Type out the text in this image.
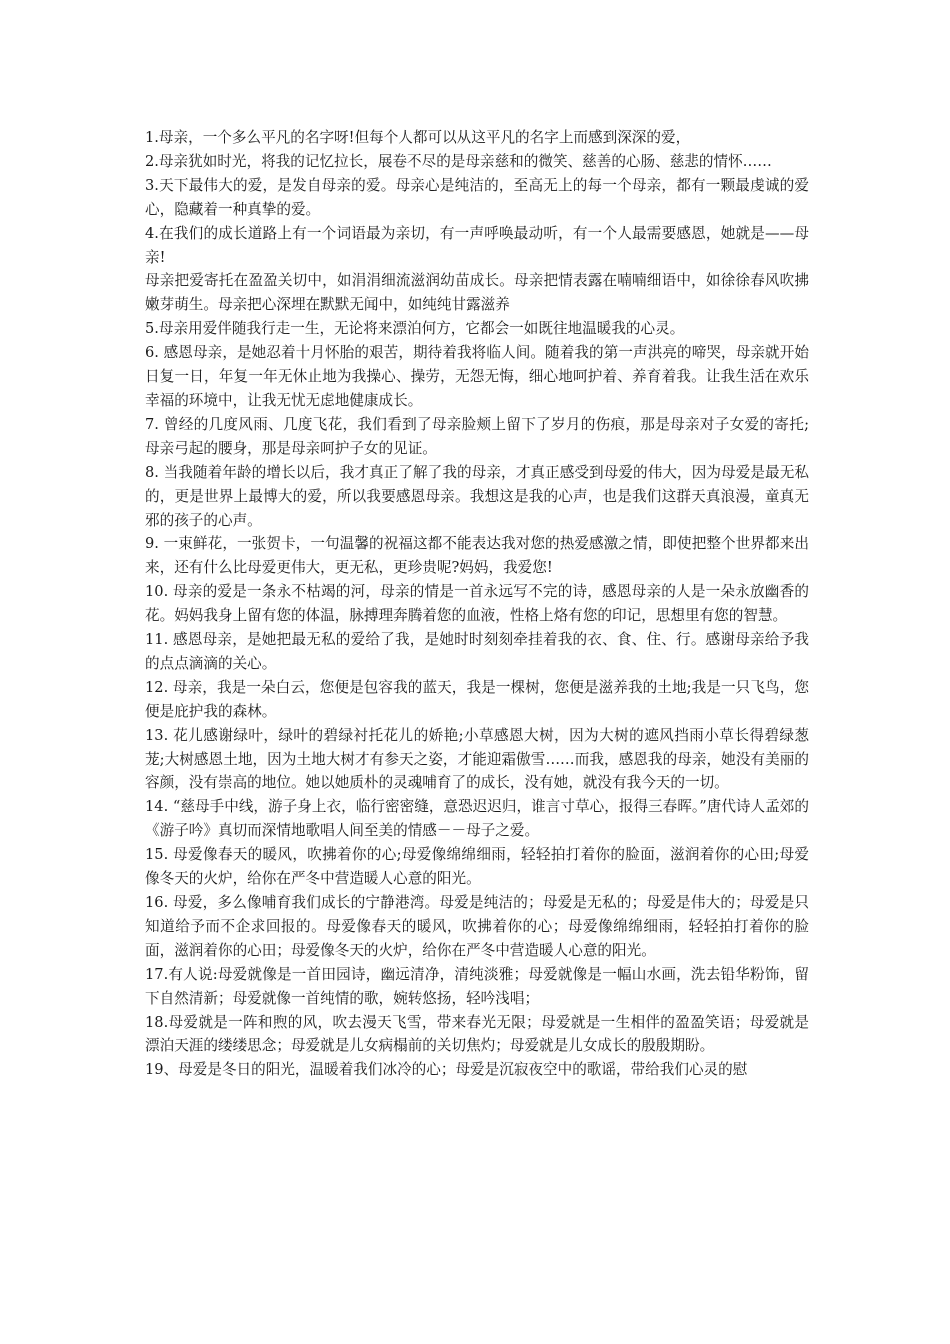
1.母亲，一个多么平凡的名字呀!但每个人都可以从这平凡的名字上而感到深深的爱，

2.母亲犹如时光，将我的记忆拉长，展卷不尽的是母亲慈和的微笑、慈善的心肠、慈悲的情怀……

3.天下最伟大的爱，是发自母亲的爱。母亲心是纯洁的，至高无上的每一个母亲，都有一颗最虔诚的爱心，隐藏着一种真挚的爱。

4.在我们的成长道路上有一个词语最为亲切，有一声呼唤最动听，有一个人最需要感恩，她就是——母亲!

母亲把爱寄托在盈盈关切中，如涓涓细流滋润幼苗成长。母亲把情表露在喃喃细语中，如徐徐春风吹拂嫩芽萌生。母亲把心深埋在默默无闻中，如纯纯甘露滋养

5.母亲用爱伴随我行走一生，无论将来漂泊何方，它都会一如既往地温暖我的心灵。

6. 感恩母亲，是她忍着十月怀胎的艰苦，期待着我将临人间。随着我的第一声洪亮的啼哭，母亲就开始日复一日，年复一年无休止地为我操心、操劳，无怨无悔，细心地呵护着、养育着我。让我生活在欢乐幸福的环境中，让我无忧无虑地健康成长。

7. 曾经的几度风雨、几度飞花，我们看到了母亲脸颊上留下了岁月的伤痕，那是母亲对子女爱的寄托;母亲弓起的腰身，那是母亲呵护子女的见证。

8. 当我随着年龄的增长以后，我才真正了解了我的母亲，才真正感受到母爱的伟大，因为母爱是最无私的，更是世界上最博大的爱，所以我要感恩母亲。我想这是我的心声，也是我们这群天真浪漫，童真无邪的孩子的心声。

9. 一束鲜花，一张贺卡，一句温馨的祝福这都不能表达我对您的热爱感激之情，即使把整个世界都来出来，还有什么比母爱更伟大，更无私，更珍贵呢?妈妈，我爱您!

10. 母亲的爱是一条永不枯竭的河，母亲的情是一首永远写不完的诗，感恩母亲的人是一朵永放幽香的花。妈妈我身上留有您的体温，脉搏理奔腾着您的血液，性格上烙有您的印记，思想里有您的智慧。

11. 感恩母亲，是她把最无私的爱给了我，是她时时刻刻牵挂着我的衣、食、住、行。感谢母亲给予我的点点滴滴的关心。

12. 母亲，我是一朵白云，您便是包容我的蓝天，我是一棵树，您便是滋养我的土地;我是一只飞鸟，您便是庇护我的森林。

13. 花儿感谢绿叶，绿叶的碧绿衬托花儿的娇艳;小草感恩大树，因为大树的遮风挡雨小草长得碧绿葱茏;大树感恩土地，因为土地大树才有参天之姿，才能迎霜傲雪……而我，感恩我的母亲，她没有美丽的容颜，没有崇高的地位。她以她质朴的灵魂哺育了的成长，没有她，就没有我今天的一切。

14. “慈母手中线，游子身上衣，临行密密缝，意恐迟迟归，谁言寸草心，报得三春晖。”唐代诗人孟郊的《游子吟》真切而深情地歌唱人间至美的情感－－母子之爱。

15. 母爱像春天的暖风，吹拂着你的心;母爱像绵绵细雨，轻轻拍打着你的脸面，滋润着你的心田;母爱像冬天的火炉，给你在严冬中营造暖人心意的阳光。

16. 母爱，多么像哺育我们成长的宁静港湾。母爱是纯洁的；母爱是无私的；母爱是伟大的；母爱是只知道给予而不企求回报的。母爱像春天的暖风，吹拂着你的心；母爱像绵绵细雨，轻轻拍打着你的脸面，滋润着你的心田；母爱像冬天的火炉，给你在严冬中营造暖人心意的阳光。

17.有人说:母爱就像是一首田园诗，幽远清净，清纯淡雅；母爱就像是一幅山水画，洗去铅华粉饰，留下自然清新；母爱就像一首纯情的歌，婉转悠扬，轻吟浅唱；

18.母爱就是一阵和煦的风，吹去漫天飞雪，带来春光无限；母爱就是一生相伴的盈盈笑语；母爱就是漂泊天涯的缕缕思念；母爱就是儿女病榻前的关切焦灼；母爱就是儿女成长的殷殷期盼。

19、母爱是冬日的阳光，温暖着我们冰冷的心；母爱是沉寂夜空中的歌谣，带给我们心灵的慰
